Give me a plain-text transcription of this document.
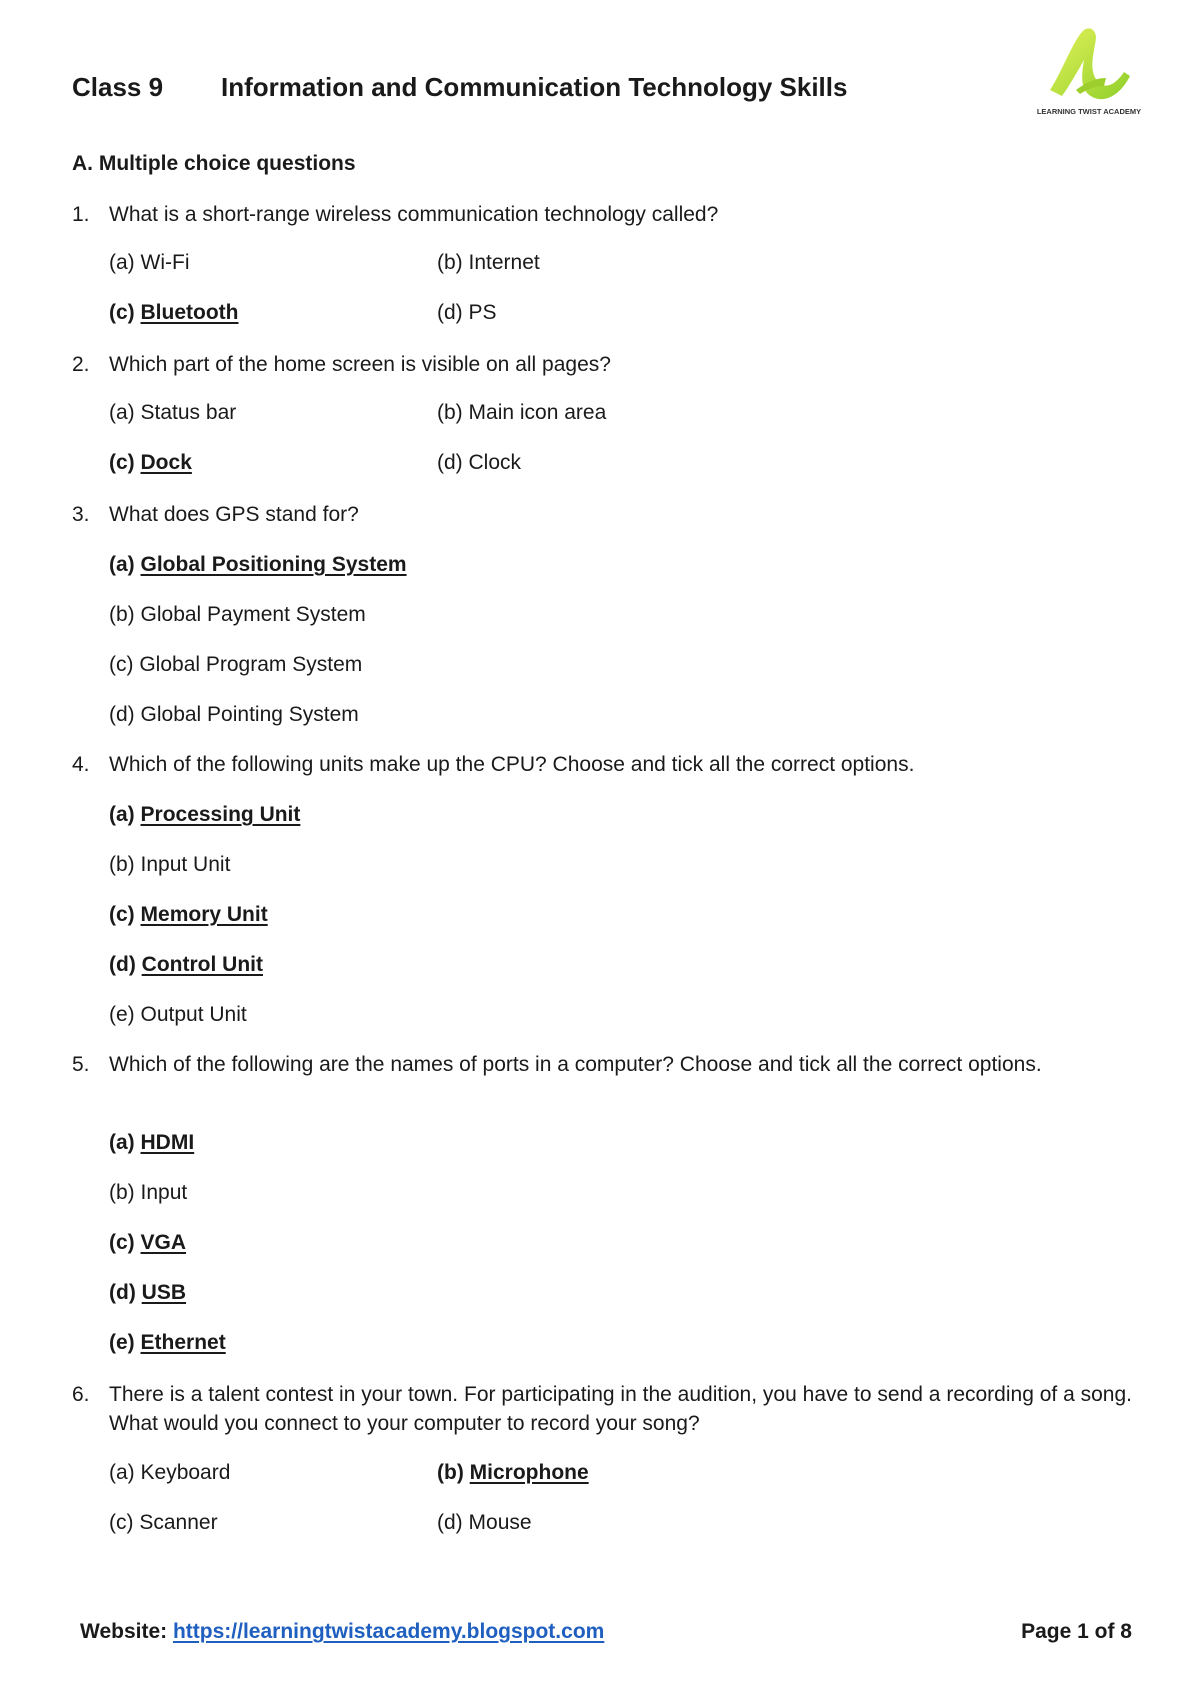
Class 9 Information and Communication Technology Skills
LEARNING TWIST ACADEMY
A. Multiple choice questions
1. What is a short-range wireless communication technology called?
(a) Wi-Fi	(b) Internet
(c) Bluetooth	(d) PS
2. Which part of the home screen is visible on all pages?
(a) Status bar	(b) Main icon area
(c) Dock	(d) Clock
3. What does GPS stand for?
(a) Global Positioning System
(b) Global Payment System
(c) Global Program System
(d) Global Pointing System
4. Which of the following units make up the CPU? Choose and tick all the correct options.
(a) Processing Unit
(b) Input Unit
(c) Memory Unit
(d) Control Unit
(e) Output Unit
5. Which of the following are the names of ports in a computer? Choose and tick all the correct options.
(a) HDMI
(b) Input
(c) VGA
(d) USB
(e) Ethernet
6. There is a talent contest in your town. For participating in the audition, you have to send a recording of a song. What would you connect to your computer to record your song?
(a) Keyboard	(b) Microphone
(c) Scanner	(d) Mouse
Website: https://learningtwistacademy.blogspot.com	Page 1 of 8
